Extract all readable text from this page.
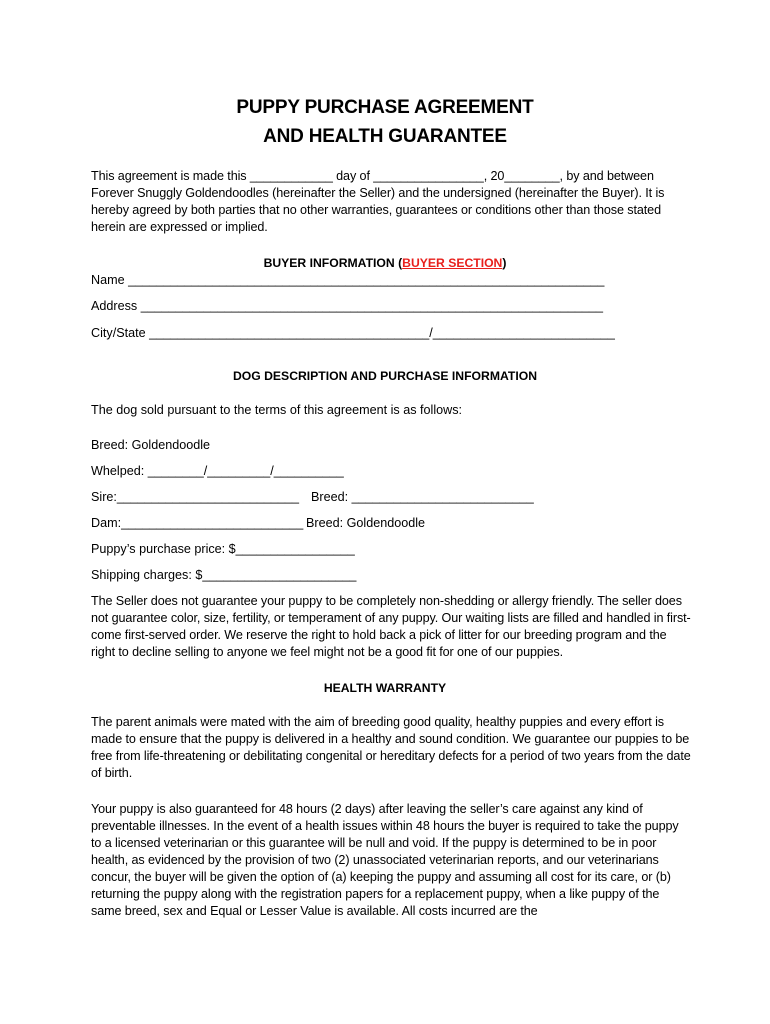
PUPPY PURCHASE AGREEMENT
AND HEALTH GUARANTEE
This agreement is made this ____________ day of ________________, 20________, by and between Forever Snuggly Goldendoodles (hereinafter the Seller) and the undersigned (hereinafter the Buyer). It is hereby agreed by both parties that no other warranties, guarantees or conditions other than those stated herein are expressed or implied.
BUYER INFORMATION (BUYER SECTION)
Name ____________________________________________________________________
Address __________________________________________________________________
City/State ________________________________________/__________________________
DOG DESCRIPTION AND PURCHASE INFORMATION
The dog sold pursuant to the terms of this agreement is as follows:
Breed: Goldendoodle
Whelped: ________/_________/__________
Sire:__________________________ Breed: __________________________
Dam:__________________________ Breed: Goldendoodle
Puppy’s purchase price: $_________________
Shipping charges: $______________________
The Seller does not guarantee your puppy to be completely non-shedding or allergy friendly. The seller does not guarantee color, size, fertility, or temperament of any puppy. Our waiting lists are filled and handled in first-come first-served order. We reserve the right to hold back a pick of litter for our breeding program and the right to decline selling to anyone we feel might not be a good fit for one of our puppies.
HEALTH WARRANTY
The parent animals were mated with the aim of breeding good quality, healthy puppies and every effort is made to ensure that the puppy is delivered in a healthy and sound condition. We guarantee our puppies to be free from life-threatening or debilitating congenital or hereditary defects for a period of two years from the date of birth.
Your puppy is also guaranteed for 48 hours (2 days) after leaving the seller’s care against any kind of preventable illnesses. In the event of a health issues within 48 hours the buyer is required to take the puppy to a licensed veterinarian or this guarantee will be null and void. If the puppy is determined to be in poor health, as evidenced by the provision of two (2) unassociated veterinarian reports, and our veterinarians concur, the buyer will be given the option of (a) keeping the puppy and assuming all cost for its care, or (b) returning the puppy along with the registration papers for a replacement puppy, when a like puppy of the same breed, sex and Equal or Lesser Value is available. All costs incurred are the
